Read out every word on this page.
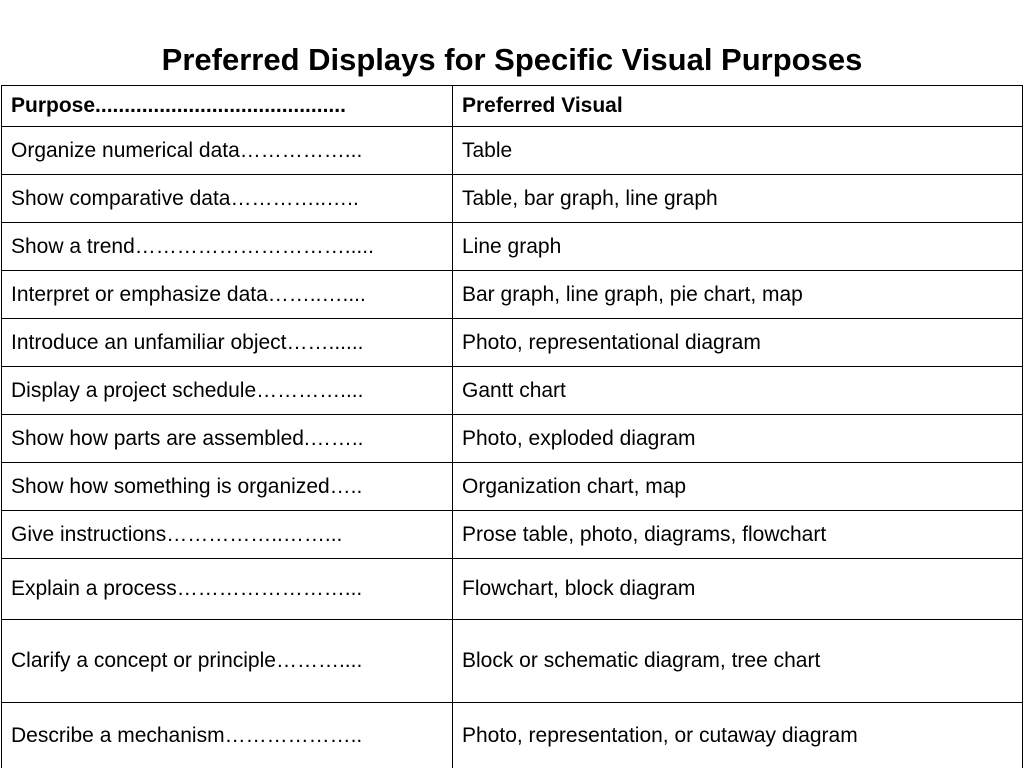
Preferred Displays for Specific Visual Purposes
Purpose...........................................	Preferred Visual
Organize numerical data……………...	Table
Show comparative data…………..…..	Table, bar graph, line graph
Show a trend………………………….....	Line graph
Interpret or emphasize data……..…....	Bar graph, line graph, pie chart, map
Introduce an unfamiliar object……......	Photo, representational diagram
Display a project schedule…………....	Gantt chart
Show how parts are assembled.……..	Photo, exploded diagram
Show how something is organized…..	Organization chart, map
Give instructions……………..……...	Prose table, photo, diagrams, flowchart
Explain a process……………………...	Flowchart, block diagram
Clarify a concept or principle………....	Block or schematic diagram, tree chart
Describe a mechanism………………..	Photo, representation, or cutaway diagram
